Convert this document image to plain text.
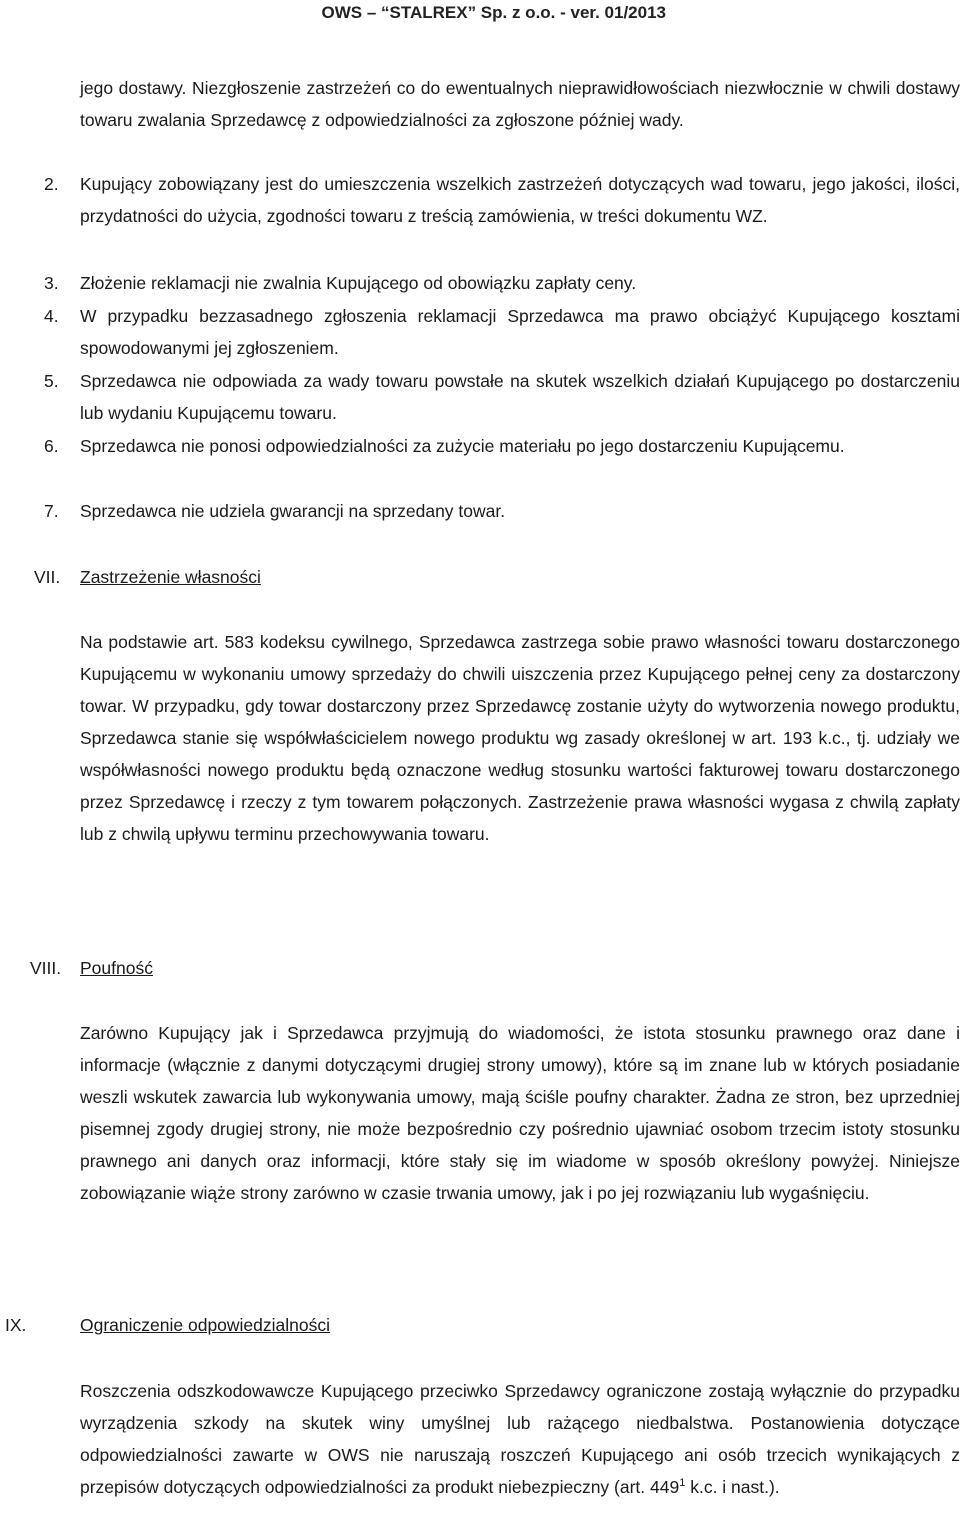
OWS – “STALREX” Sp. z o.o. - ver. 01/2013
jego dostawy. Niezgłoszenie zastrzeżeń co do ewentualnych nieprawidłowościach niezwłocznie w chwili dostawy towaru zwalania Sprzedawcę z odpowiedzialności za zgłoszone później wady.
2.	Kupujący zobowiązany jest do umieszczenia wszelkich zastrzeżeń dotyczących wad towaru, jego jakości, ilości, przydatności do użycia, zgodności towaru z treścią zamówienia, w treści dokumentu WZ.
3.	Złożenie reklamacji nie zwalnia Kupującego od obowiązku zapłaty ceny.
4.	W przypadku bezzasadnego zgłoszenia reklamacji Sprzedawca ma prawo obciążyć Kupującego kosztami spowodowanymi jej zgłoszeniem.
5.	Sprzedawca nie odpowiada za wady towaru powstałe na skutek wszelkich działań Kupującego po dostarczeniu lub wydaniu Kupującemu towaru.
6.	Sprzedawca nie ponosi odpowiedzialności za zużycie materiału po jego dostarczeniu Kupującemu.
7.	Sprzedawca nie udziela gwarancji na sprzedany towar.
VII. Zastrzeżenie własności
Na podstawie art. 583 kodeksu cywilnego, Sprzedawca zastrzega sobie prawo własności towaru dostarczonego Kupującemu w wykonaniu umowy sprzedaży do chwili uiszczenia przez Kupującego pełnej ceny za dostarczony towar. W przypadku, gdy towar dostarczony przez Sprzedawcę zostanie użyty do wytworzenia nowego produktu, Sprzedawca stanie się współwłaścicielem nowego produktu wg zasady określonej w art. 193 k.c., tj. udziały we współwłasności nowego produktu będą oznaczone według stosunku wartości fakturowej towaru dostarczonego przez Sprzedawcę i rzeczy z tym towarem połączonych. Zastrzeżenie prawa własności wygasa z chwilą zapłaty lub z chwilą upływu terminu przechowywania towaru.
VIII. Poufność
Zarówno Kupujący jak i Sprzedawca przyjmują do wiadomości, że istota stosunku prawnego oraz dane i informacje (włącznie z danymi dotyczącymi drugiej strony umowy), które są im znane lub w których posiadanie weszli wskutek zawarcia lub wykonywania umowy, mają ściśle poufny charakter. Żadna ze stron, bez uprzedniej pisemnej zgody drugiej strony, nie może bezpośrednio czy pośrednio ujawniać osobom trzecim istoty stosunku prawnego ani danych oraz informacji, które stały się im wiadome w sposób określony powyżej. Niniejsze zobowiązanie wiąże strony zarówno w czasie trwania umowy, jak i po jej rozwiązaniu lub wygaśnięciu.
IX.	Ograniczenie odpowiedzialności
Roszczenia odszkodowawcze Kupującego przeciwko Sprzedawcy ograniczone zostają wyłącznie do przypadku wyrządzenia szkody na skutek winy umyślnej lub rażącego niedbalstwa. Postanowienia dotyczące odpowiedzialności zawarte w OWS nie naruszają roszczeń Kupującego ani osób trzecich wynikających z przepisów dotyczących odpowiedzialności za produkt niebezpieczny (art. $449^1$ k.c. i nast.).
